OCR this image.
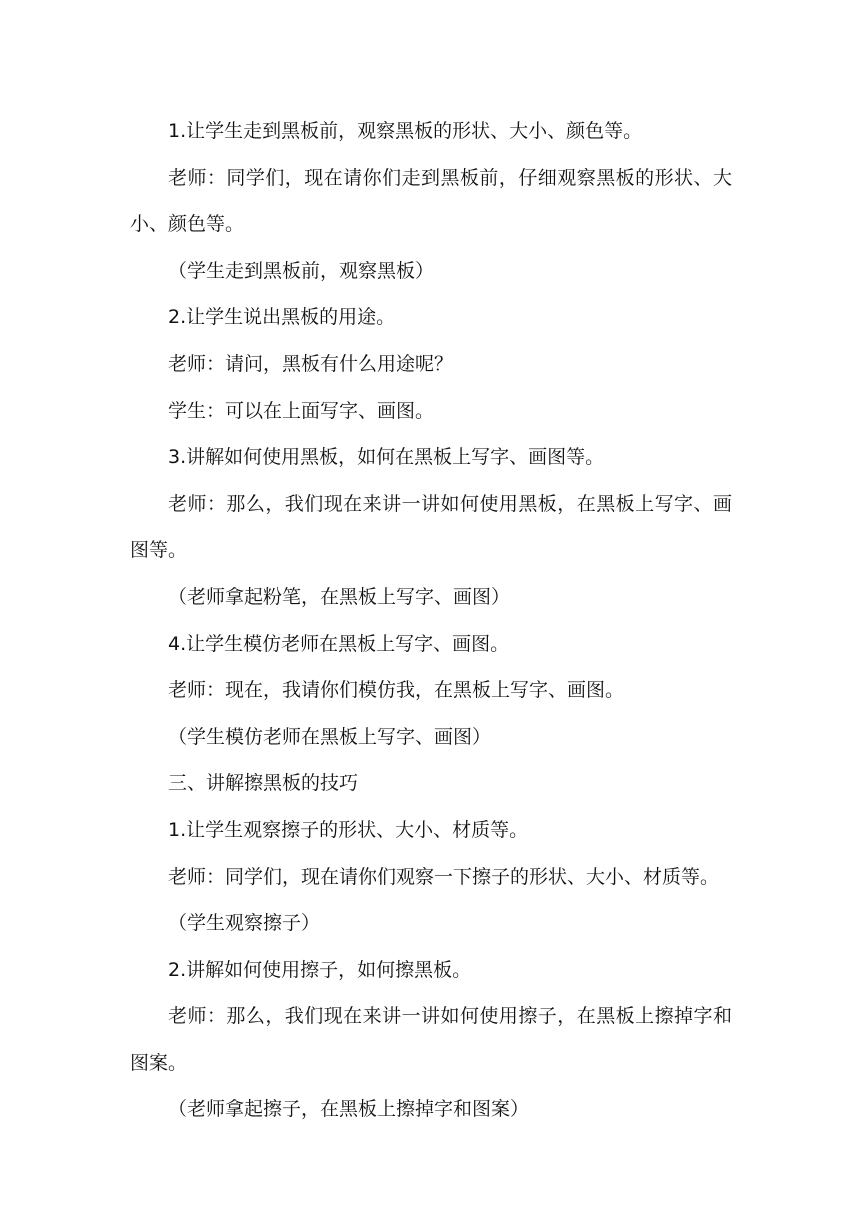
1.让学生走到黑板前，观察黑板的形状、大小、颜色等。

老师：同学们，现在请你们走到黑板前，仔细观察黑板的形状、大小、颜色等。

（学生走到黑板前，观察黑板）

2.让学生说出黑板的用途。

老师：请问，黑板有什么用途呢？

学生：可以在上面写字、画图。

3.讲解如何使用黑板，如何在黑板上写字、画图等。

老师：那么，我们现在来讲一讲如何使用黑板，在黑板上写字、画图等。

（老师拿起粉笔，在黑板上写字、画图）

4.让学生模仿老师在黑板上写字、画图。

老师：现在，我请你们模仿我，在黑板上写字、画图。

（学生模仿老师在黑板上写字、画图）

三、讲解擦黑板的技巧

1.让学生观察擦子的形状、大小、材质等。

老师：同学们，现在请你们观察一下擦子的形状、大小、材质等。

（学生观察擦子）

2.讲解如何使用擦子，如何擦黑板。

老师：那么，我们现在来讲一讲如何使用擦子，在黑板上擦掉字和图案。

（老师拿起擦子，在黑板上擦掉字和图案）
